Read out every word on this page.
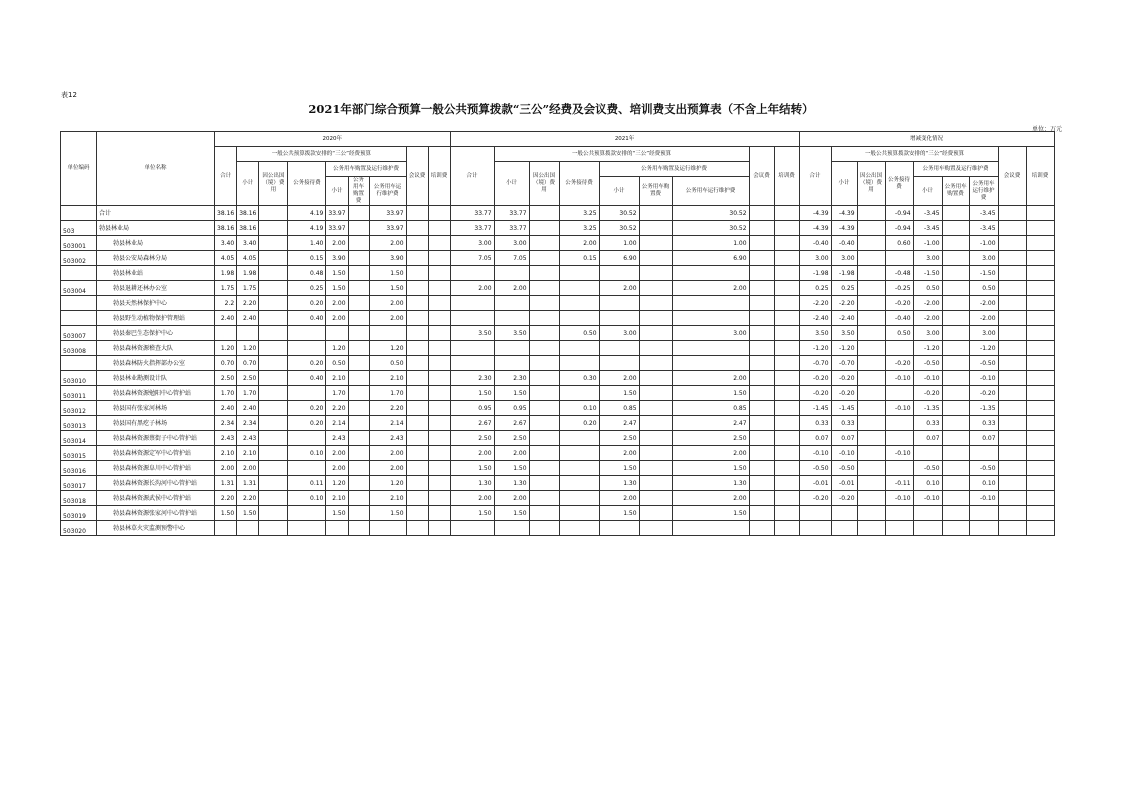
表12
2021年部门综合预算一般公共预算拨款“三公”经费及会议费、培训费支出预算表（不含上年结转）
单位：万元
单位编码	单位名称	2020年									2021年									增减变化情况								
		合计	一般公共预算拨款安排的“三公”经费预算						会议费	培训费	合计	一般公共预算拨款安排的“三公”经费预算						会议费	培训费	合计	一般公共预算拨款安排的“三公”经费预算						会议费	培训费
			小计	因公出国（境）费用	公务接待费	公务用车购置及运行维护费						小计	因公出国（境）费用	公务接待费	公务用车购置及运行维护费						小计	因公出国（境）费用	公务接待费	公务用车购置及运行维护费				
						小计	公务用车购置费	公务用车运行维护费							小计	公务用车购置费	公务用车运行维护费							小计	公务用车购置费	公务用车运行维护费		
	合计	38.16	38.16		4.19	33.97		33.97			33.77	33.77		3.25	30.52		30.52			-4.39	-4.39		-0.94	-3.45		-3.45		
503	勃县林业局	38.16	38.16		4.19	33.97		33.97			33.77	33.77		3.25	30.52		30.52			-4.39	-4.39		-0.94	-3.45		-3.45		
503001	勃县林业局	3.40	3.40		1.40	2.00		2.00			3.00	3.00		2.00	1.00		1.00			-0.40	-0.40		0.60	-1.00		-1.00		
503002	勃县公安局森林分局	4.05	4.05		0.15	3.90		3.90			7.05	7.05		0.15	6.90		6.90			3.00	3.00			3.00		3.00		
	勃县林业站	1.98	1.98		0.48	1.50		1.50												-1.98	-1.98		-0.48	-1.50		-1.50		
503004	勃县退耕还林办公室	1.75	1.75		0.25	1.50		1.50			2.00	2.00			2.00		2.00			0.25	0.25		-0.25	0.50		0.50		
	勃县天然林保护中心	2.2	2.20		0.20	2.00		2.00												-2.20	-2.20		-0.20	-2.00		-2.00		
	勃县野生动植物保护管理站	2.40	2.40		0.40	2.00		2.00												-2.40	-2.40		-0.40	-2.00		-2.00		
503007	勃县秦巴生态保护中心										3.50	3.50		0.50	3.00		3.00			3.50	3.50		0.50	3.00		3.00		
503008	勃县森林资源稽查大队	1.20	1.20			1.20		1.20												-1.20	-1.20			-1.20		-1.20		
	勃县森林防火指挥部办公室	0.70	0.70		0.20	0.50		0.50												-0.70	-0.70		-0.20	-0.50		-0.50		
503010	勃县林业勘测设计队	2.50	2.50		0.40	2.10		2.10			2.30	2.30		0.30	2.00		2.00			-0.20	-0.20		-0.10	-0.10		-0.10		
503011	勃县森林资源勉阳中心管护站	1.70	1.70			1.70		1.70			1.50	1.50			1.50		1.50			-0.20	-0.20			-0.20		-0.20		
503012	勃县国有张家河林场	2.40	2.40		0.20	2.20		2.20			0.95	0.95		0.10	0.85		0.85			-1.45	-1.45		-0.10	-1.35		-1.35		
503013	勃县国有黑疙子林场	2.34	2.34		0.20	2.14		2.14			2.67	2.67		0.20	2.47		2.47			0.33	0.33			0.33		0.33		
503014	勃县森林资源蔡街子中心管护站	2.43	2.43			2.43		2.43			2.50	2.50			2.50		2.50			0.07	0.07			0.07		0.07		
503015	勃县森林资源定军中心管护站	2.10	2.10		0.10	2.00		2.00			2.00	2.00			2.00		2.00			-0.10	-0.10		-0.10					
503016	勃县森林资源阜川中心管护站	2.00	2.00			2.00		2.00			1.50	1.50			1.50		1.50			-0.50	-0.50			-0.50		-0.50		
503017	勃县森林资源长沟河中心管护站	1.31	1.31		0.11	1.20		1.20			1.30	1.30			1.30		1.30			-0.01	-0.01		-0.11	0.10		0.10		
503018	勃县森林资源武侯中心管护站	2.20	2.20		0.10	2.10		2.10			2.00	2.00			2.00		2.00			-0.20	-0.20		-0.10	-0.10		-0.10		
503019	勃县森林资源张家河中心管护站	1.50	1.50			1.50		1.50			1.50	1.50			1.50		1.50											
503020	勃县林草火灾监测预警中心																											
